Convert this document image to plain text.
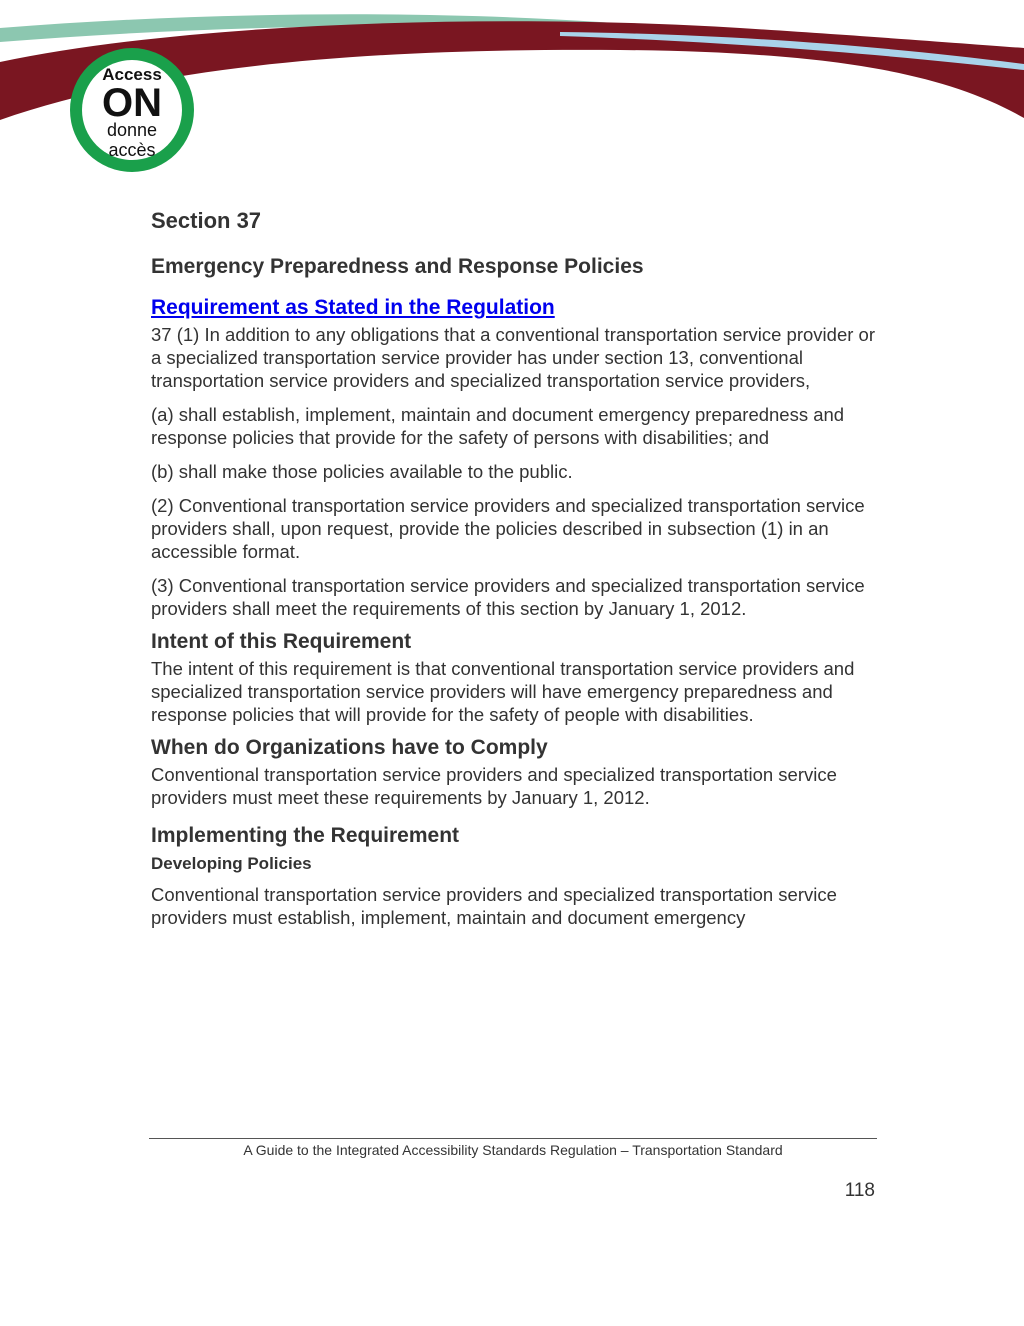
Access
ON
donne
accès
Section 37
Emergency Preparedness and Response Policies
Requirement as Stated in the Regulation
37 (1) In addition to any obligations that a conventional transportation service provider or a specialized transportation service provider has under section 13, conventional transportation service providers and specialized transportation service providers,
(a) shall establish, implement, maintain and document emergency preparedness and response policies that provide for the safety of persons with disabilities; and
(b) shall make those policies available to the public.
(2) Conventional transportation service providers and specialized transportation service providers shall, upon request, provide the policies described in subsection (1) in an accessible format.
(3) Conventional transportation service providers and specialized transportation service providers shall meet the requirements of this section by January 1, 2012.
Intent of this Requirement
The intent of this requirement is that conventional transportation service providers and specialized transportation service providers will have emergency preparedness and response policies that will provide for the safety of people with disabilities.
When do Organizations have to Comply
Conventional transportation service providers and specialized transportation service providers must meet these requirements by January 1, 2012.
Implementing the Requirement
Developing Policies
Conventional transportation service providers and specialized transportation service providers must establish, implement, maintain and document emergency
A Guide to the Integrated Accessibility Standards Regulation – Transportation Standard
118
